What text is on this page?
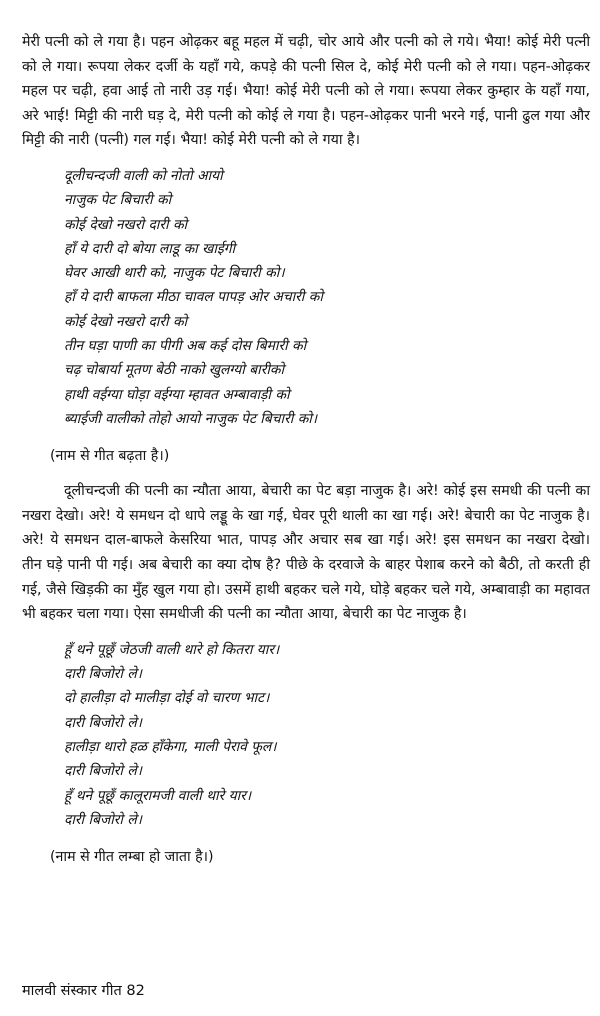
मेरी पत्नी को ले गया है। पहन ओढ़कर बहू महल में चढ़ी, चोर आये और पत्नी को ले गये। भैया! कोई मेरी पत्नी को ले गया। रूपया लेकर दर्जी के यहाँ गये, कपड़े की पत्नी सिल दे, कोई मेरी पत्नी को ले गया। पहन-ओढ़कर महल पर चढ़ी, हवा आई तो नारी उड़ गई। भैया! कोई मेरी पत्नी को ले गया। रूपया लेकर कुम्हार के यहाँ गया, अरे भाई! मिट्टी की नारी घड़ दे, मेरी पत्नी को कोई ले गया है। पहन-ओढ़कर पानी भरने गई, पानी ढुल गया और मिट्टी की नारी (पत्नी) गल गई। भैया! कोई मेरी पत्नी को ले गया है।

दूलीचन्दजी वाली को नोतो आयो
नाजुक पेट बिचारी को
कोई देखो नखरो दारी को
हाँ ये दारी दो बोया लाडू का खाईगी
घेवर आखी थारी को, नाजुक पेट बिचारी को।
हाँ ये दारी बाफला मीठा चावल पापड़ ओर अचारी को
कोई देखो नखरो दारी को
तीन घड़ा पाणी का पीगी अब कई दोस बिमारी को
चढ़ चोबार्या मूतण बेठी नाको खुलग्यो बारीको
हाथी वईग्या घोड़ा वईग्या म्हावत अम्बावाड़ी को
ब्याईजी वालीको तोहो आयो नाजुक पेट बिचारी को।

(नाम से गीत बढ़ता है।)

दूलीचन्दजी की पत्नी का न्यौता आया, बेचारी का पेट बड़ा नाजुक है। अरे! कोई इस समधी की पत्नी का नखरा देखो। अरे! ये समधन दो धापे लड्डू के खा गई, घेवर पूरी थाली का खा गई। अरे! बेचारी का पेट नाजुक है। अरे! ये समधन दाल-बाफले केसरिया भात, पापड़ और अचार सब खा गई। अरे! इस समधन का नखरा देखो। तीन घड़े पानी पी गई। अब बेचारी का क्या दोष है? पीछे के दरवाजे के बाहर पेशाब करने को बैठी, तो करती ही गई, जैसे खिड़की का मुँह खुल गया हो। उसमें हाथी बहकर चले गये, घोड़े बहकर चले गये, अम्बावाड़ी का महावत भी बहकर चला गया। ऐसा समधीजी की पत्नी का न्यौता आया, बेचारी का पेट नाजुक है।

हूँ थने पूछूँ जेठजी वाली थारे हो कितरा यार।
दारी बिजोरो ले।
दो हालीड़ा दो मालीड़ा दोई वो चारण भाट।
दारी बिजोरो ले।
हालीड़ा थारो हळ हाँकेगा, माली पेरावे फूल।
दारी बिजोरो ले।
हूँ थने पूछूँ कालूरामजी वाली थारे यार।
दारी बिजोरो ले।

(नाम से गीत लम्बा हो जाता है।)

मालवी संस्कार गीत 82
